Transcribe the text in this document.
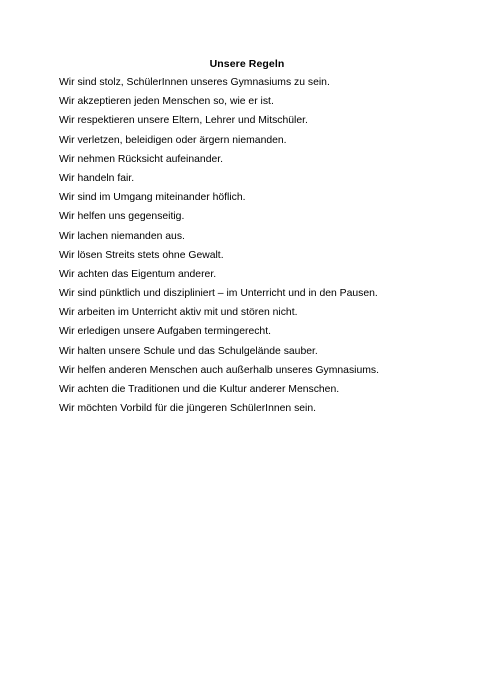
Unsere Regeln
Wir sind stolz, SchülerInnen unseres Gymnasiums zu sein.
Wir akzeptieren jeden Menschen so, wie er ist.
Wir respektieren unsere Eltern, Lehrer und Mitschüler.
Wir verletzen, beleidigen oder ärgern niemanden.
Wir nehmen Rücksicht aufeinander.
Wir handeln fair.
Wir sind im Umgang miteinander höflich.
Wir helfen uns gegenseitig.
Wir lachen niemanden aus.
Wir lösen Streits stets ohne Gewalt.
Wir achten das Eigentum anderer.
Wir sind pünktlich und diszipliniert – im Unterricht und in den Pausen.
Wir arbeiten im Unterricht aktiv mit und stören nicht.
Wir erledigen unsere Aufgaben termingerecht.
Wir halten unsere Schule und das Schulgelände sauber.
Wir helfen anderen Menschen auch außerhalb unseres Gymnasiums.
Wir achten die Traditionen und die Kultur anderer Menschen.
Wir möchten Vorbild für die jüngeren SchülerInnen sein.
